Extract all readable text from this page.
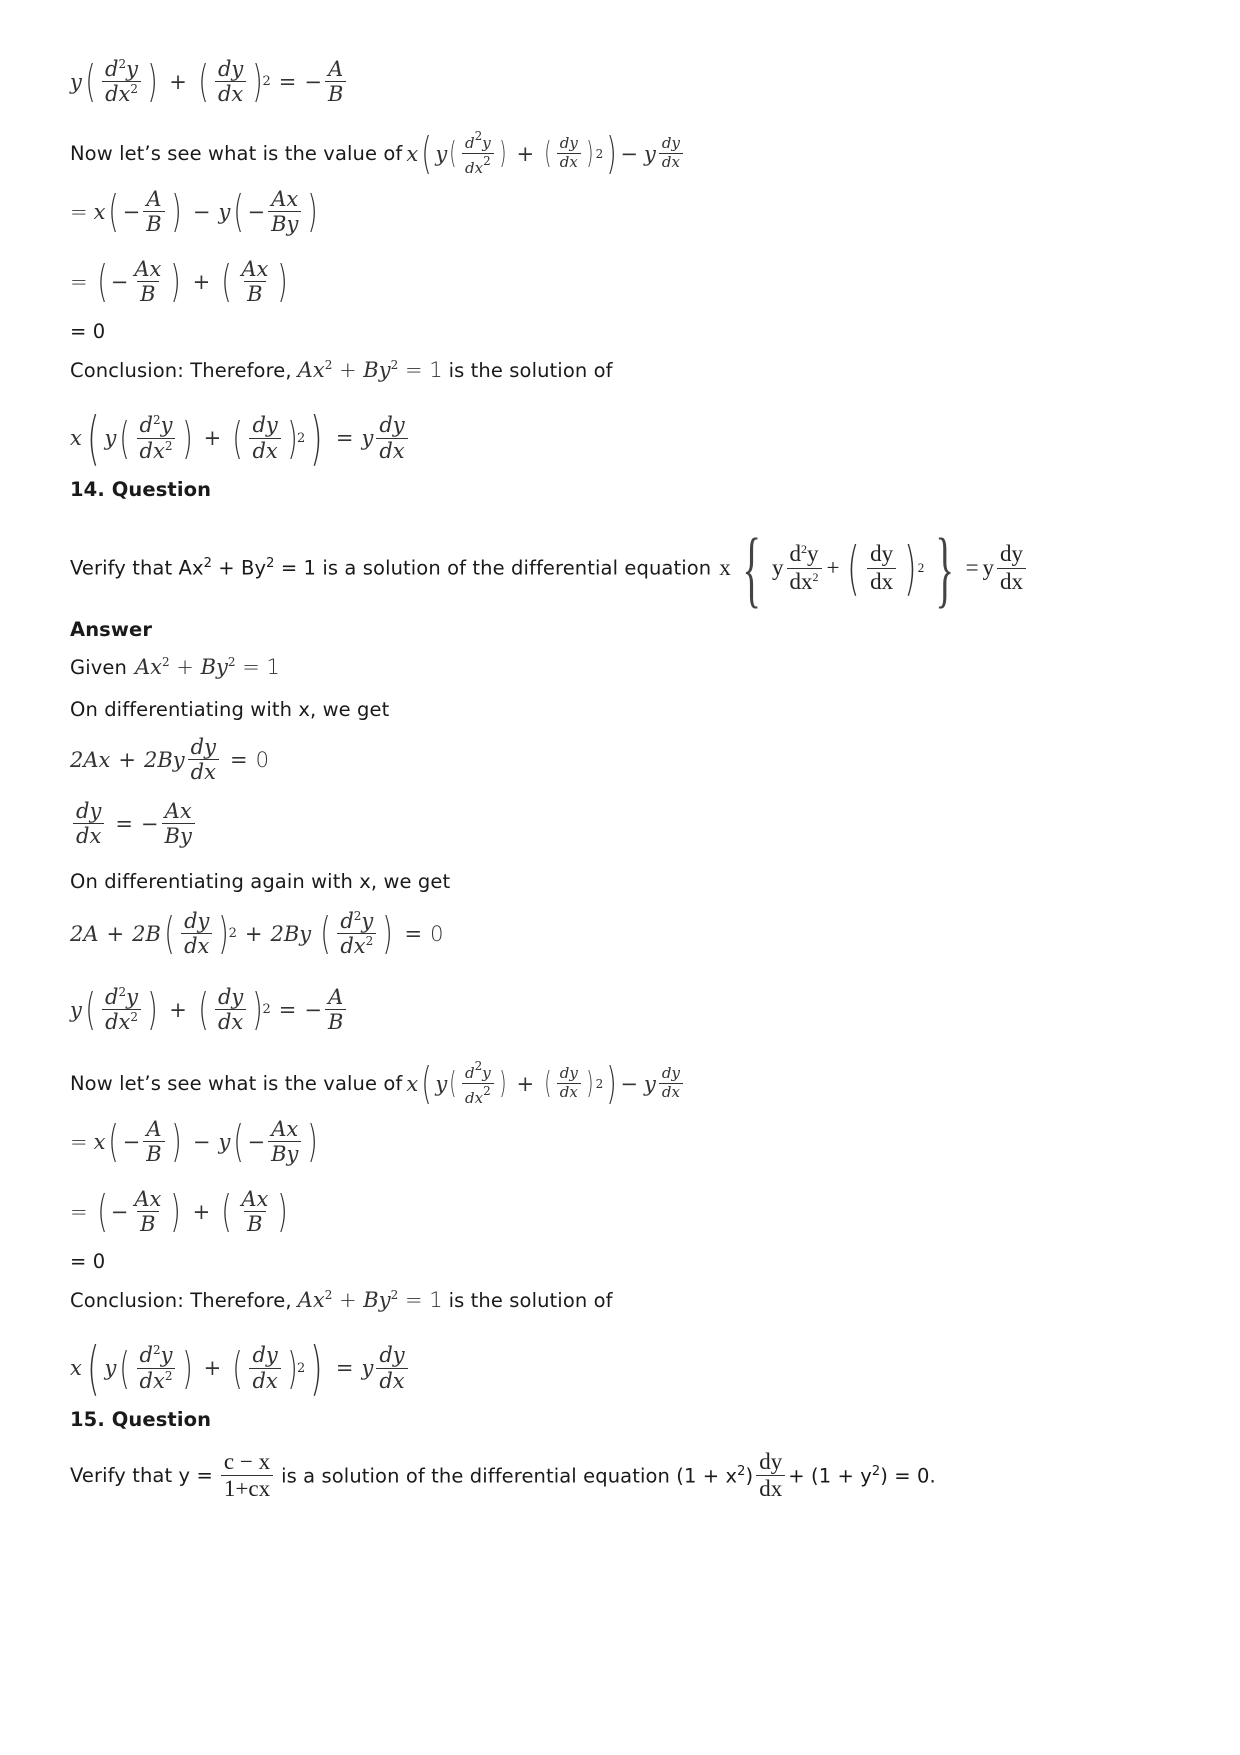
y ( $d^2y$
$dx^2$ ) + ( dy
dx ) 2 = − $\frac{A}{B}$
Now let’s see what is the value of x ( y ( $d^2y$
$dx^2$ ) + ( dy
dx ) 2 ) − y dy
dx
= x ( − $\frac{A}{B}$ ) − y ( − $\frac{Ax}{By}$ )
= ( − $\frac{Ax}{B}$ ) + ( Ax
B )
= 0
Conclusion: Therefore, $Ax^2 + By^2 = 1$ is the solution of
x ( y ( $d^2y$
$dx^2$ ) + ( dy
dx ) 2 ) = y
dy
dx
14. Question
Verify that $Ax^2 + By^2 = 1$ is a solution of the differential equation x { y
$d^2y$
$dx^2$ + ( dy
dx ) 2 } = y
dy
dx
Answer
Given $Ax^2 + By^2 = 1$
On differentiating with x, we get
$2Ax + 2By \frac{dy}{dx} = 0$
$\frac{dy}{dx}$ = − $\frac{Ax}{By}$
On differentiating again with x, we get
2A + 2B ( dy
dx ) 2 + 2By ( $d^2y$
$dx^2$ ) = 0
y ( $d^2y$
$dx^2$ ) + ( dy
dx ) 2 = − $\frac{A}{B}$
Now let’s see what is the value of x ( y ( $d^2y$
$dx^2$ ) + ( dy
dx ) 2 ) − y dy
dx
= x ( − $\frac{A}{B}$ ) − y ( − $\frac{Ax}{By}$ )
= ( − $\frac{Ax}{B}$ ) + ( Ax
B )
= 0
Conclusion: Therefore, $Ax^2 + By^2 = 1$ is the solution of
x ( y ( $d^2y$
$dx^2$ ) + ( dy
dx ) 2 ) = y
dy
dx
15. Question
Verify that $y = \frac{c - x}{1+cx}$ is a solution of the differential equation $(1 + x^2)$
dy
dx
+ $(1 + y^2) = 0$.
